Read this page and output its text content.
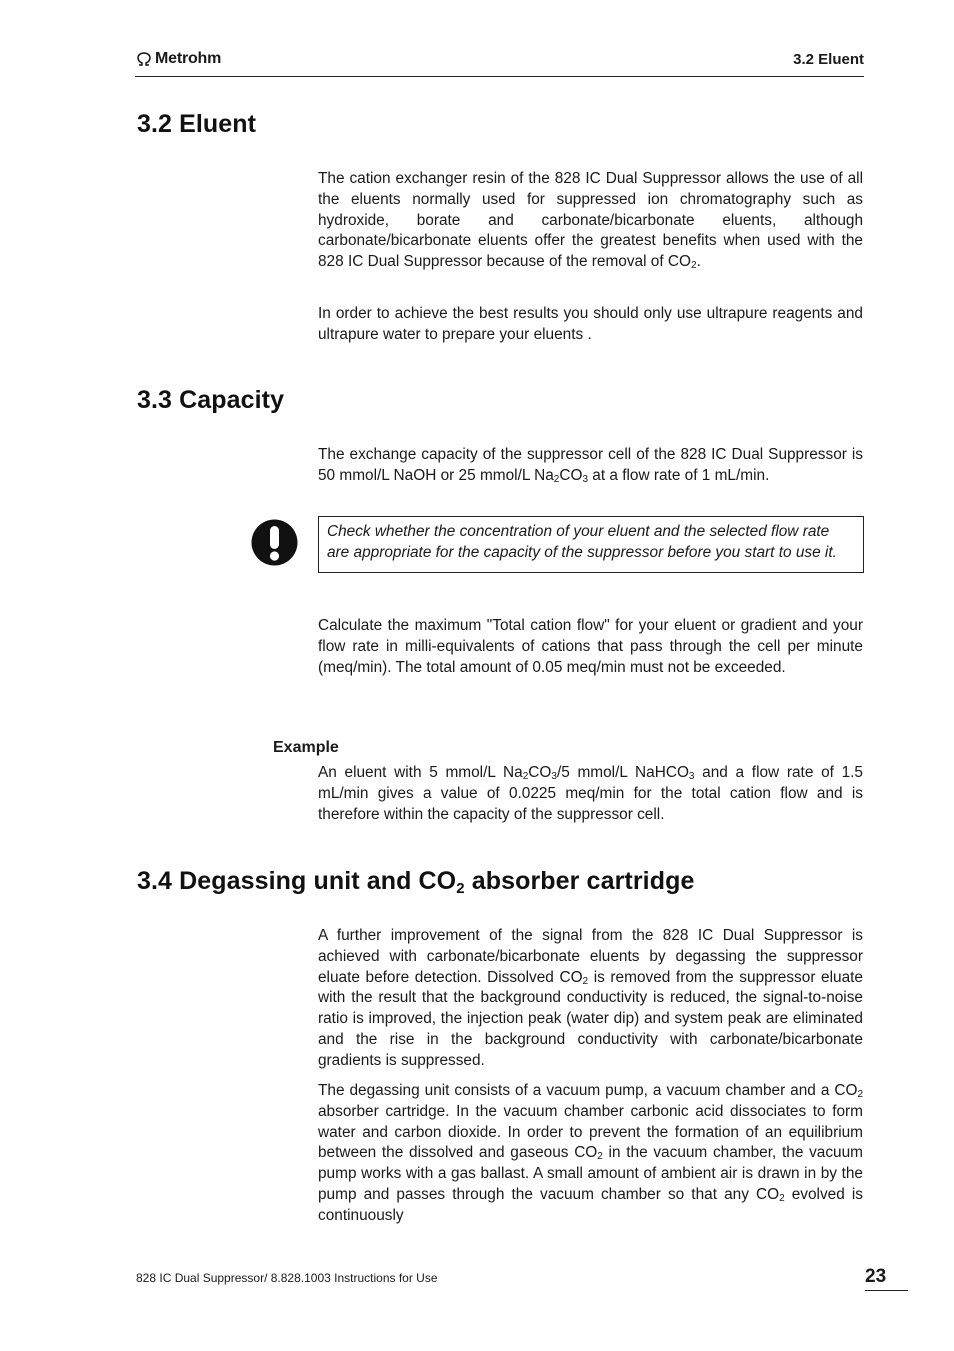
Metrohm	3.2 Eluent
3.2 Eluent

The cation exchanger resin of the 828 IC Dual Suppressor allows the use of all the eluents normally used for suppressed ion chromatography such as hydroxide, borate and carbonate/bicarbonate eluents, although carbonate/bicarbonate eluents offer the greatest benefits when used with the 828 IC Dual Suppressor because of the removal of $CO_2$.

In order to achieve the best results you should only use ultrapure reagents and ultrapure water to prepare your eluents .

3.3 Capacity

The exchange capacity of the suppressor cell of the 828 IC Dual Suppressor is 50 mmol/L NaOH or 25 mmol/L $Na_2CO_3$ at a flow rate of 1 mL/min.

Check whether the concentration of your eluent and the selected flow rate are appropriate for the capacity of the suppressor before you start to use it.

Calculate the maximum "Total cation flow" for your eluent or gradient and your flow rate in milli-equivalents of cations that pass through the cell per minute (meq/min). The total amount of 0.05 meq/min must not be exceeded.

Example

An eluent with 5 mmol/L $Na_2CO_3/5$ mmol/L NaHCO$_3$ and a flow rate of 1.5 mL/min gives a value of 0.0225 meq/min for the total cation flow and is therefore within the capacity of the suppressor cell.

3.4 Degassing unit and $CO_2$ absorber cartridge

A further improvement of the signal from the 828 IC Dual Suppressor is achieved with carbonate/bicarbonate eluents by degassing the suppressor eluate before detection. Dissolved $CO_2$ is removed from the suppressor eluate with the result that the background conductivity is reduced, the signal-to-noise ratio is improved, the injection peak (water dip) and system peak are eliminated and the rise in the background conductivity with carbonate/bicarbonate gradients is suppressed.

The degassing unit consists of a vacuum pump, a vacuum chamber and a $CO_2$ absorber cartridge. In the vacuum chamber carbonic acid dissociates to form water and carbon dioxide. In order to prevent the formation of an equilibrium between the dissolved and gaseous $CO_2$ in the vacuum chamber, the vacuum pump works with a gas ballast. A small amount of ambient air is drawn in by the pump and passes through the vacuum chamber so that any $CO_2$ evolved is continuously

828 IC Dual Suppressor/ 8.828.1003 Instructions for Use	23
